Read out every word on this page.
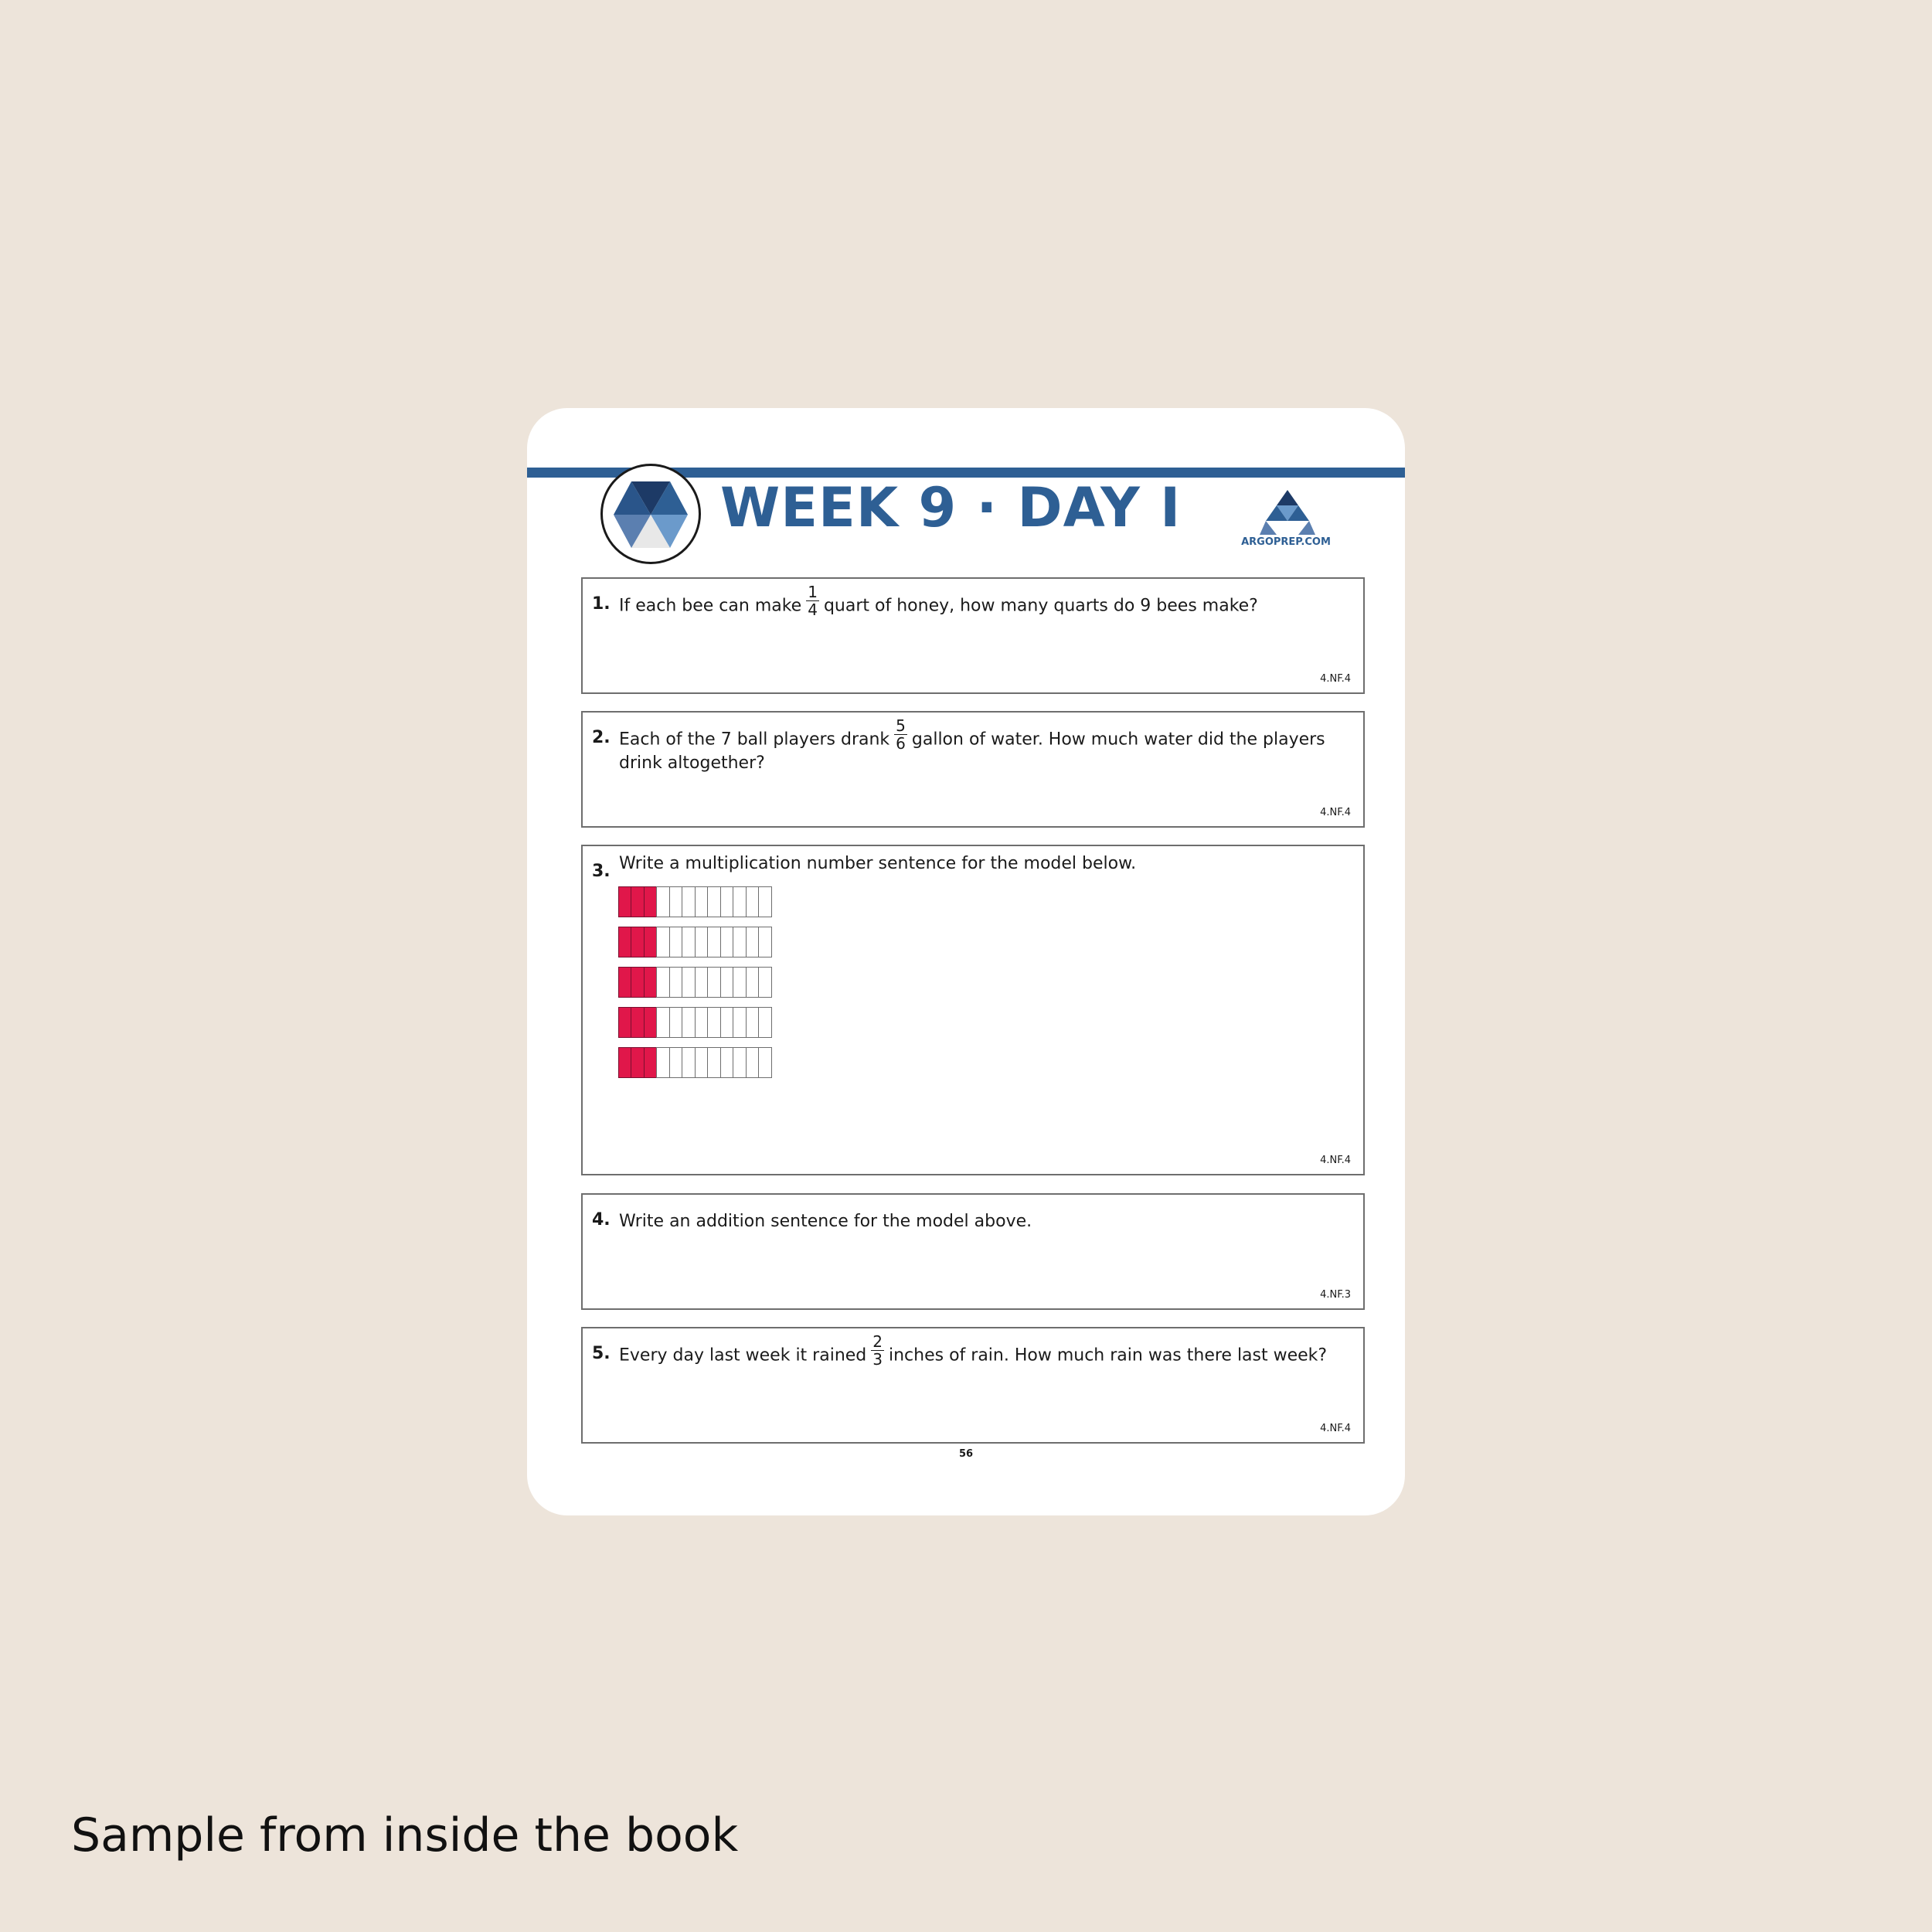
WEEK 9 · DAY I
ARGOPREP.COM
1. If each bee can make $\frac{1}{4}$ quart of honey, how many quarts do 9 bees make?
4.NF.4
2. Each of the 7 ball players drank $\frac{5}{6}$ gallon of water. How much water did the players drink altogether?
4.NF.4
3. Write a multiplication number sentence for the model below.
4.NF.4
4. Write an addition sentence for the model above.
4.NF.3
5. Every day last week it rained $\frac{2}{3}$ inches of rain. How much rain was there last week?
4.NF.4
56
Sample from inside the book
